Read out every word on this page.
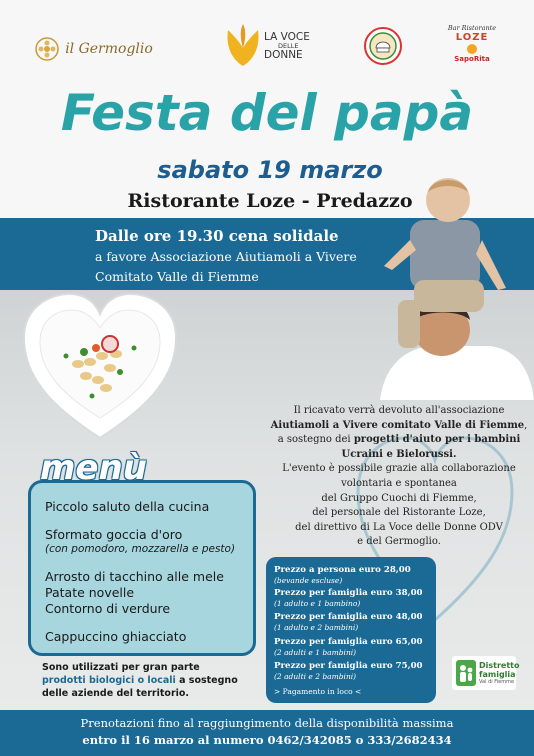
il Germoglio
LA VOCE
DELLE
DONNE
Bar Ristorante
LOZE
SapoRita
Festa del papà
sabato 19 marzo
Ristorante Loze - Predazzo
Dalle ore 19.30 cena solidale
a favore Associazione Aiutiamoli a Vivere
Comitato Valle di Fiemme
Il ricavato verrà devoluto all'associazione Aiutiamoli a Vivere comitato Valle di Fiemme, a sostegno dei progetti d'aiuto per i bambini Ucraini e Bielorussi.
L'evento è possibile grazie alla collaborazione
volontaria e spontanea
del Gruppo Cuochi di Fiemme,
del personale del Ristorante Loze,
del direttivo di La Voce delle Donne ODV
e del Germoglio.
Piccolo saluto della cucina
Sformato goccia d'oro
(con pomodoro, mozzarella e pesto)
Arrosto di tacchino alle mele
Patate novelle
Contorno di verdure
Cappuccino ghiacciato
menù
Sono utilizzati per gran parte
prodotti biologici o locali a sostegno
delle aziende del territorio.
Prezzo a persona euro 28,00
(bevande escluse)
Prezzo per famiglia euro 38,00
(1 adulto e 1 bambino)
Prezzo per famiglia euro 48,00
(1 adulto e 2 bambini)
Prezzo per famiglia euro 65,00
(2 adulti e 1 bambini)
Prezzo per famiglia euro 75,00
(2 adulti e 2 bambini)
> Pagamento in loco <
Distretto
famiglia
Val di Fiemme
Prenotazioni fino al raggiungimento della disponibilità massima
entro il 16 marzo al numero 0462/342085 o 333/2682434
